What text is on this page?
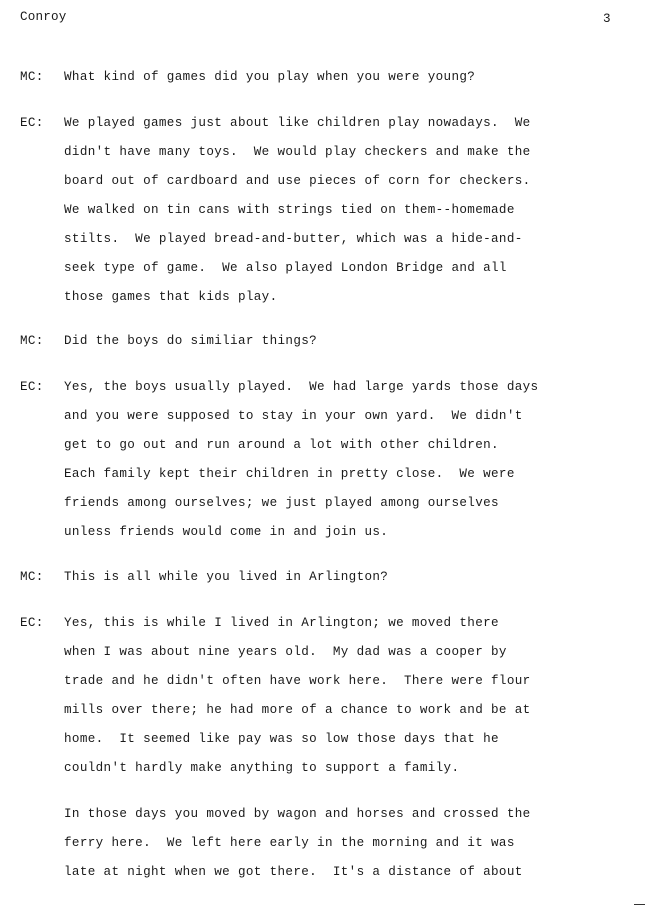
Conroy	3
MC: What kind of games did you play when you were young?
EC: We played games just about like children play nowadays.  We
didn't have many toys.  We would play checkers and make the
board out of cardboard and use pieces of corn for checkers.
We walked on tin cans with strings tied on them--homemade
stilts.  We played bread-and-butter, which was a hide-and-
seek type of game.  We also played London Bridge and all
those games that kids play.
MC: Did the boys do similiar things?
EC: Yes, the boys usually played.  We had large yards those days
and you were supposed to stay in your own yard.  We didn't
get to go out and run around a lot with other children.
Each family kept their children in pretty close.  We were
friends among ourselves; we just played among ourselves
unless friends would come in and join us.
MC: This is all while you lived in Arlington?
EC: Yes, this is while I lived in Arlington; we moved there
when I was about nine years old.  My dad was a cooper by
trade and he didn't often have work here.  There were flour
mills over there; he had more of a chance to work and be at
home.  It seemed like pay was so low those days that he
couldn't hardly make anything to support a family.
In those days you moved by wagon and horses and crossed the
ferry here.  We left here early in the morning and it was
late at night when we got there.  It's a distance of about
